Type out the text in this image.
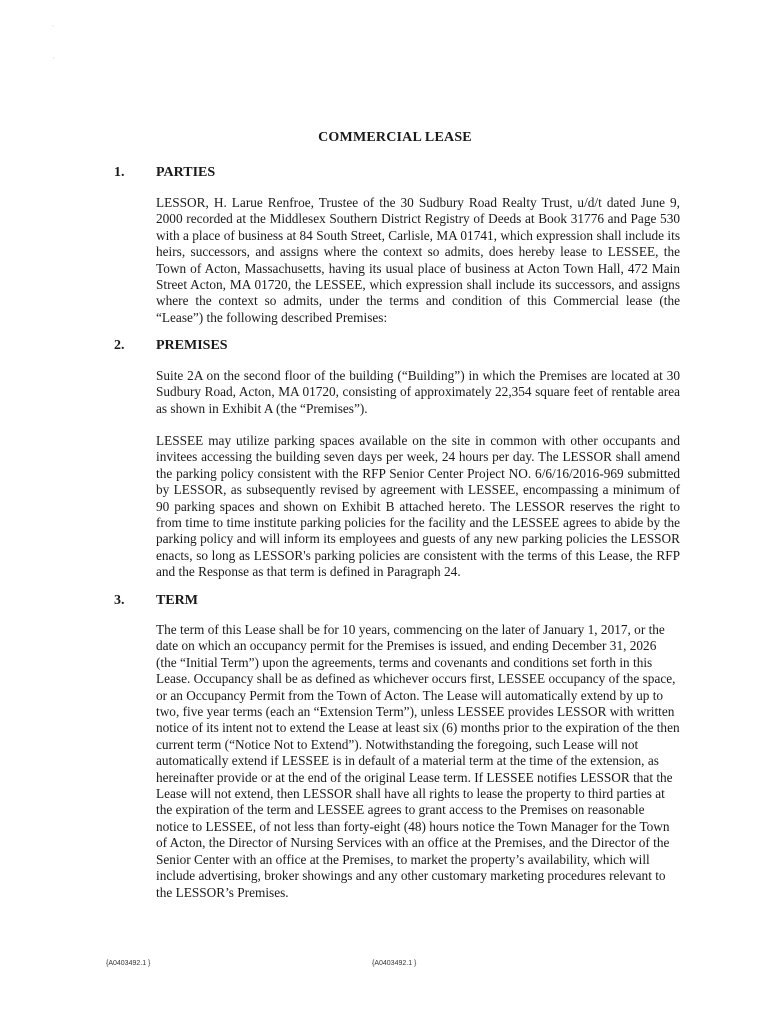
ˎ
ˏ
COMMERCIAL LEASE
1. PARTIES

LESSOR, H. Larue Renfroe, Trustee of the 30 Sudbury Road Realty Trust, u/d/t dated June 9, 2000 recorded at the Middlesex Southern District Registry of Deeds at Book 31776 and Page 530 with a place of business at 84 South Street, Carlisle, MA 01741, which expression shall include its heirs, successors, and assigns where the context so admits, does hereby lease to LESSEE, the Town of Acton, Massachusetts, having its usual place of business at Acton Town Hall, 472 Main Street Acton, MA 01720, the LESSEE, which expression shall include its successors, and assigns where the context so admits, under the terms and condition of this Commercial lease (the “Lease”) the following described Premises:

2. PREMISES

Suite 2A on the second floor of the building (“Building”) in which the Premises are located at 30 Sudbury Road, Acton, MA 01720, consisting of approximately 22,354 square feet of rentable area as shown in Exhibit A (the “Premises”).

LESSEE may utilize parking spaces available on the site in common with other occupants and invitees accessing the building seven days per week, 24 hours per day. The LESSOR shall amend the parking policy consistent with the RFP Senior Center Project NO. 6/6/16/2016-969 submitted by LESSOR, as subsequently revised by agreement with LESSEE, encompassing a minimum of 90 parking spaces and shown on Exhibit B attached hereto. The LESSOR reserves the right to from time to time institute parking policies for the facility and the LESSEE agrees to abide by the parking policy and will inform its employees and guests of any new parking policies the LESSOR enacts, so long as LESSOR's parking policies are consistent with the terms of this Lease, the RFP and the Response as that term is defined in Paragraph 24.

3. TERM

The term of this Lease shall be for 10 years, commencing on the later of January 1, 2017, or the date on which an occupancy permit for the Premises is issued, and ending December 31, 2026 (the “Initial Term”) upon the agreements, terms and covenants and conditions set forth in this Lease. Occupancy shall be as defined as whichever occurs first, LESSEE occupancy of the space, or an Occupancy Permit from the Town of Acton. The Lease will automatically extend by up to two, five year terms (each an “Extension Term”), unless LESSEE provides LESSOR with written notice of its intent not to extend the Lease at least six (6) months prior to the expiration of the then current term (“Notice Not to Extend”). Notwithstanding the foregoing, such Lease will not automatically extend if LESSEE is in default of a material term at the time of the extension, as hereinafter provide or at the end of the original Lease term. If LESSEE notifies LESSOR that the Lease will not extend, then LESSOR shall have all rights to lease the property to third parties at the expiration of the term and LESSEE agrees to grant access to the Premises on reasonable notice to LESSEE, of not less than forty-eight (48) hours notice the Town Manager for the Town of Acton, the Director of Nursing Services with an office at the Premises, and the Director of the Senior Center with an office at the Premises, to market the property’s availability, which will include advertising, broker showings and any other customary marketing procedures relevant to the LESSOR’s Premises.

{A0403492.1 }	{A0403492.1 }
